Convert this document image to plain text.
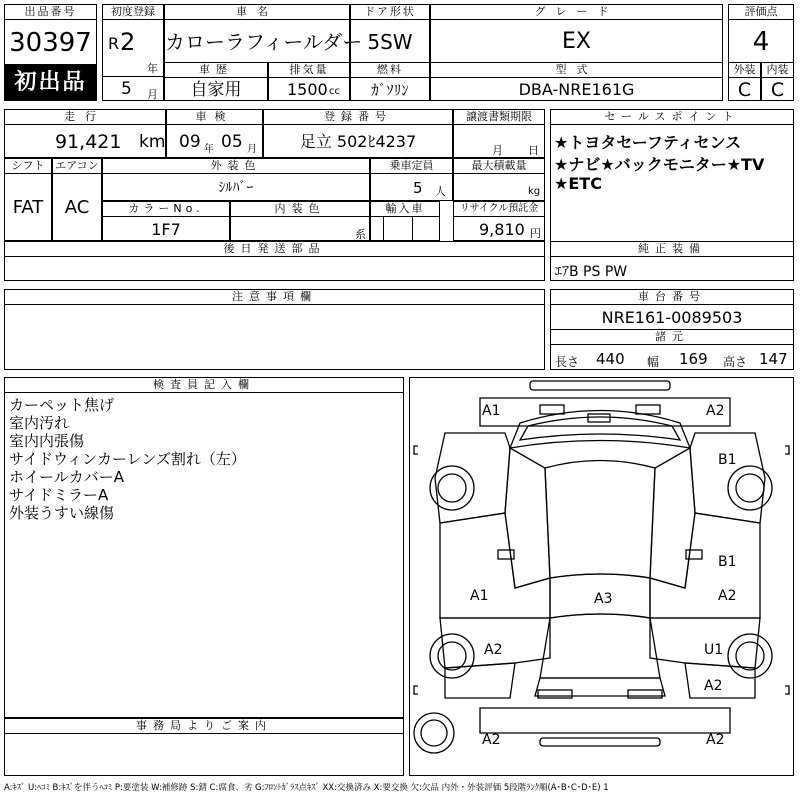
出品番号
30397
初出品
初度登録
R 2
年
5 月
車名
カローラフィールダー
ドア形状
5SW
グレード
EX
評価点
4
車歴
自家用
排気量
1500 cc
燃料
ｶﾞｿﾘﾝ
型式
DBA-NRE161G
外装	内装
C	C
走行
91,421 km
車検
09 年 05 月
登録番号
足立 502ﾋ4237
譲渡書類期限
月 日
シフト
FAT
エアコン
AC
外装色
ｼﾙﾊﾞｰ
乗車定員
5 人
最大積載量
kg
カラーNo.
1F7
内装色
系
輸入車	リサイクル預託金
9,810 円
後日発送部品
セールスポイント
★トヨタセーフティセンス
★ナビ★バックモニター★TV
★ETC
純正装備
ｴｱB PS PW
注意事項欄	車台番号
NRE161-0089503
諸元
長さ 440 幅 169 高さ 147
検査員記入欄
カーペット焦げ
室内汚れ
室内内張傷
サイドウィンカーレンズ割れ（左）
ホイールカバーA
サイドミラーA
外装うすい線傷
事務局よりご案内
A1	A2
B1
B1
A1	A3	A2
A2	U1
A2
A2	A2
A:ｷｽﾞ U:ﾍｺﾐ B:ｷｽﾞを伴うﾍｺﾐ P:要塗装 W:補修跡 S:錆 C:腐食、劣 G:ﾌﾛﾝﾄｶﾞﾗｽ点ｷｽﾞ XX:交換済み X:要交換 欠:欠品 内外・外装評価 5段階ﾗﾝｸ順(A･B･C･D･E) 1
